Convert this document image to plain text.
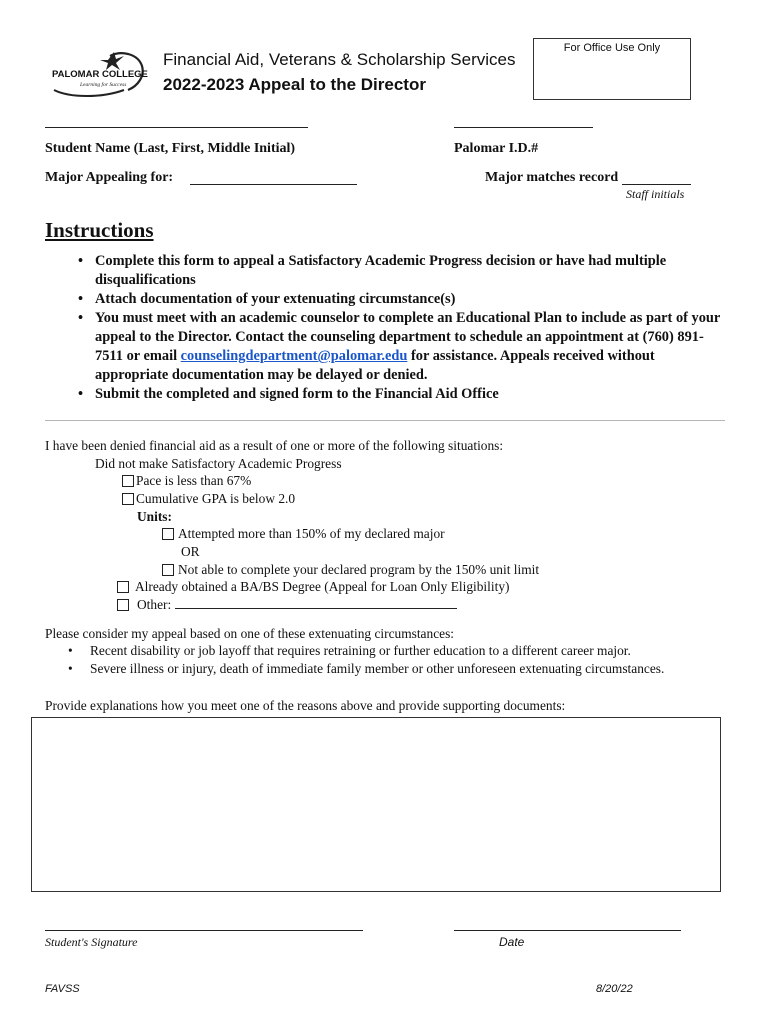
PALOMAR COLLEGE
Learning for Success
Financial Aid, Veterans & Scholarship Services
2022-2023 Appeal to the Director
For Office Use Only
Student Name (Last, First, Middle Initial)	Palomar I.D.#
Major Appealing for:	Major matches record
Staff initials
Instructions
• Complete this form to appeal a Satisfactory Academic Progress decision or have had multiple disqualifications
• Attach documentation of your extenuating circumstance(s)
• You must meet with an academic counselor to complete an Educational Plan to include as part of your appeal to the Director. Contact the counseling department to schedule an appointment at (760) 891-7511 or email counselingdepartment@palomar.edu for assistance. Appeals received without appropriate documentation may be delayed or denied.
• Submit the completed and signed form to the Financial Aid Office
I have been denied financial aid as a result of one or more of the following situations:
Did not make Satisfactory Academic Progress
Pace is less than 67%
Cumulative GPA is below 2.0
Units:
Attempted more than 150% of my declared major
OR
Not able to complete your declared program by the 150% unit limit
Already obtained a BA/BS Degree (Appeal for Loan Only Eligibility)
Other:
Please consider my appeal based on one of these extenuating circumstances:
• Recent disability or job layoff that requires retraining or further education to a different career major.
• Severe illness or injury, death of immediate family member or other unforeseen extenuating circumstances.
Provide explanations how you meet one of the reasons above and provide supporting documents:
Student's Signature	Date
FAVSS	8/20/22
